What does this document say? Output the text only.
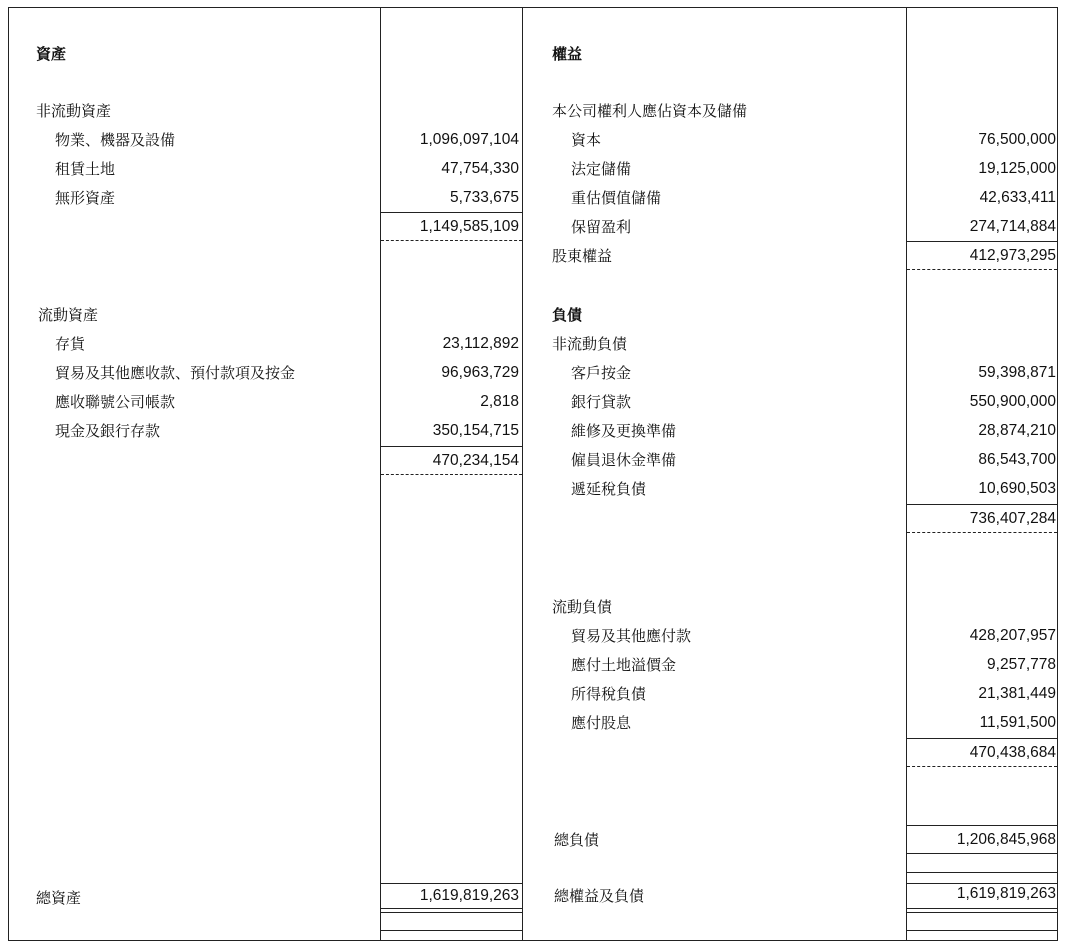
資產
非流動資產
物業、機器及設備	1,096,097,104
租賃土地	47,754,330
無形資產	5,733,675
1,149,585,109
流動資產
存貨	23,112,892
貿易及其他應收款、預付款項及按金	96,963,729
應收聯號公司帳款	2,818
現金及銀行存款	350,154,715
470,234,154
總資產	1,619,819,263
權益
本公司權利人應佔資本及儲備
資本	76,500,000
法定儲備	19,125,000
重估價值儲備	42,633,411
保留盈利	274,714,884
股東權益	412,973,295
負債
非流動負債
客戶按金	59,398,871
銀行貸款	550,900,000
維修及更換準備	28,874,210
僱員退休金準備	86,543,700
遞延稅負債	10,690,503
736,407,284
流動負債
貿易及其他應付款	428,207,957
應付土地溢價金	9,257,778
所得稅負債	21,381,449
應付股息	11,591,500
470,438,684
總負債	1,206,845,968
總權益及負債	1,619,819,263
